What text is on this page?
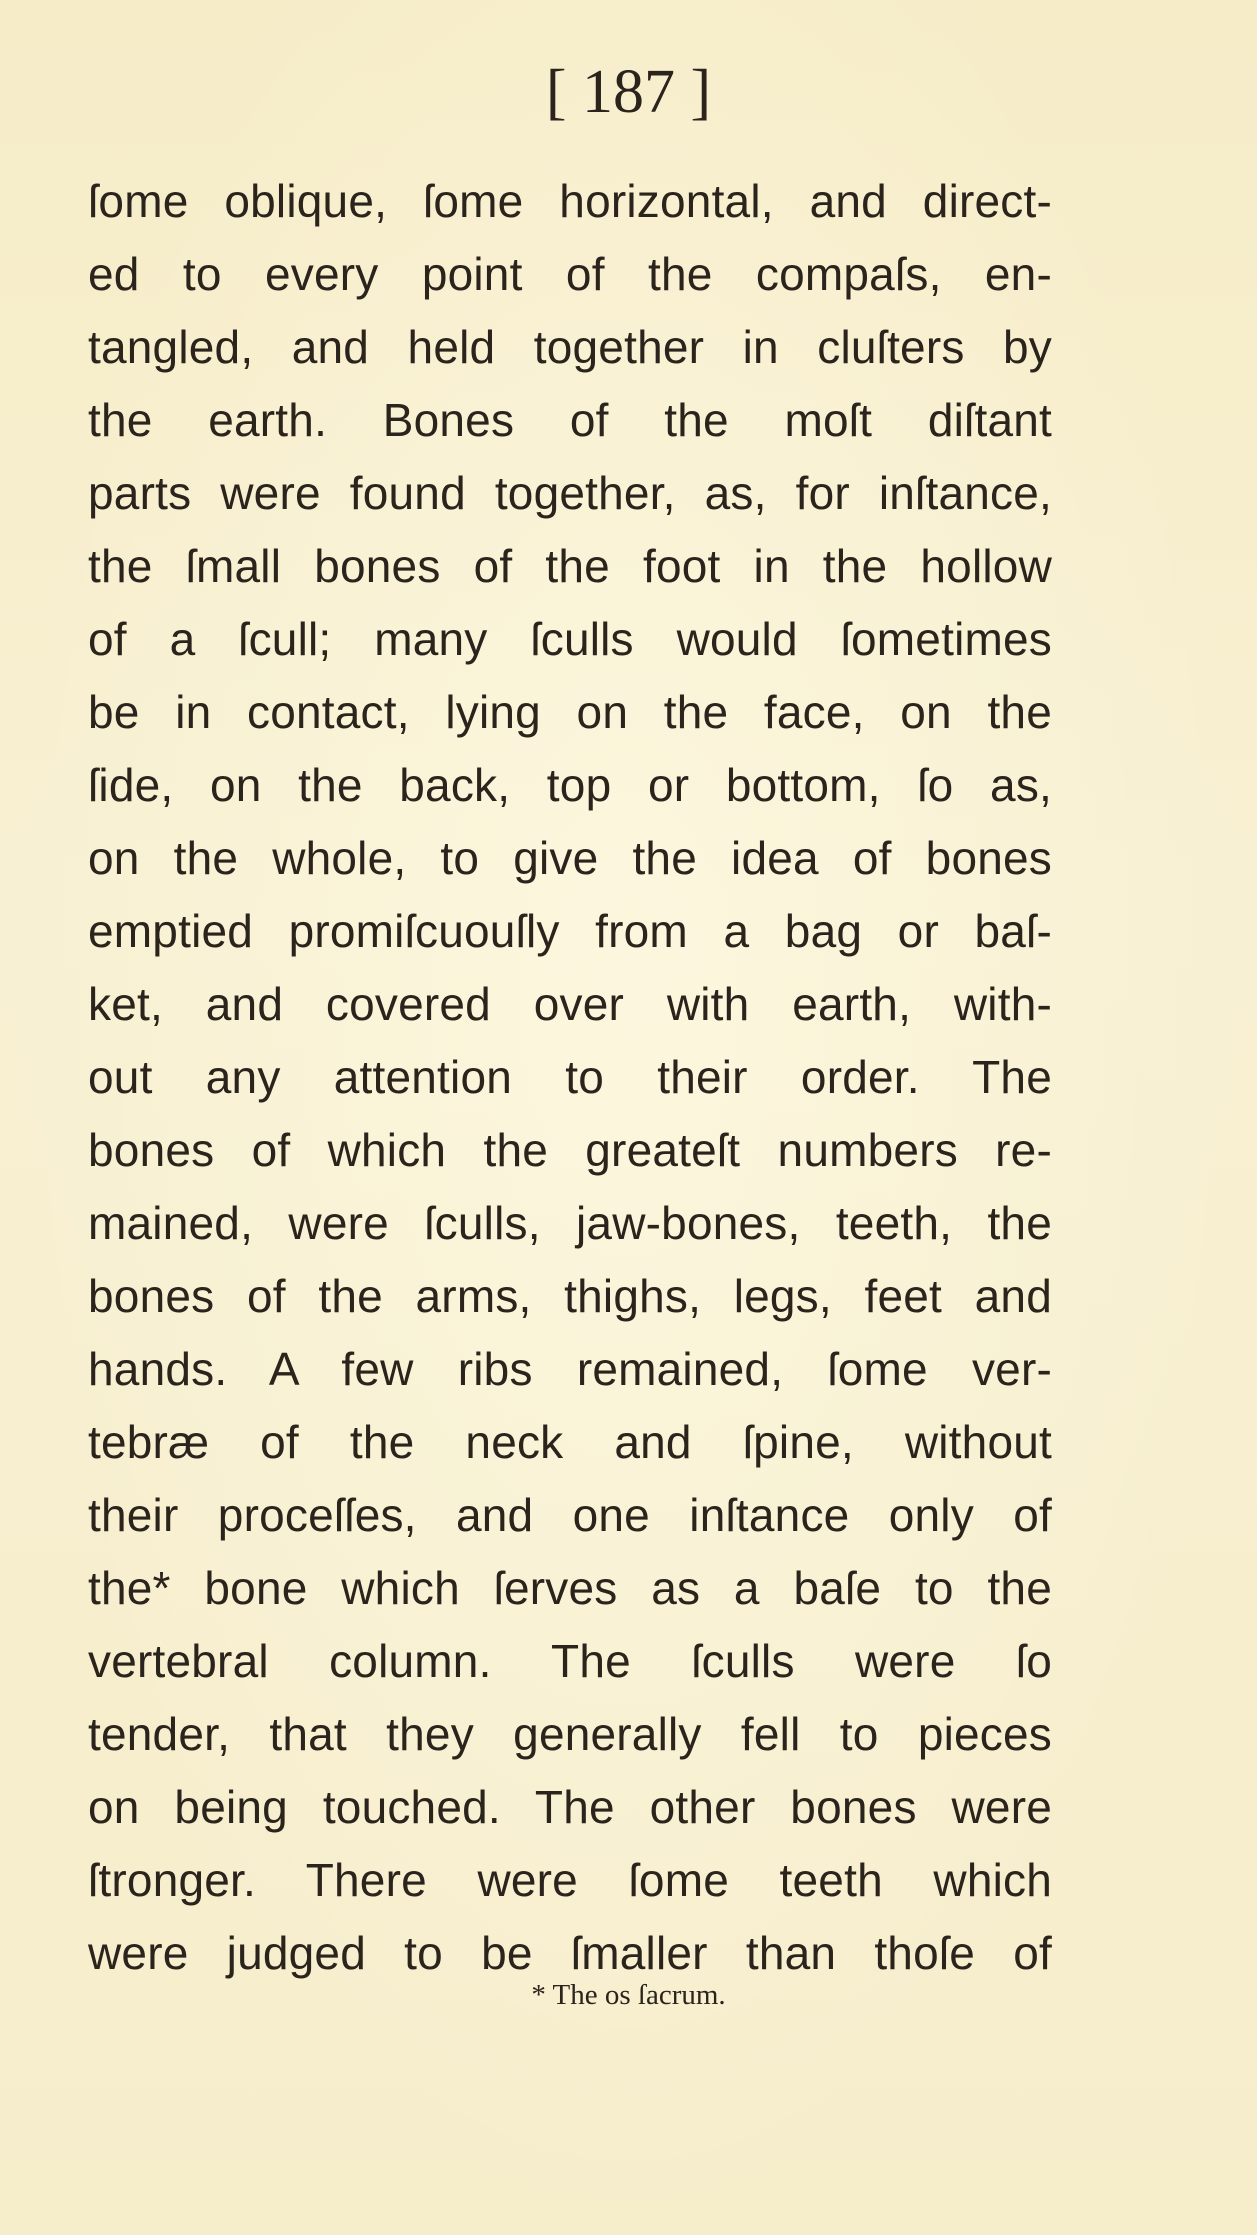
[ 187 ]
ſome oblique, ſome horizontal, and direct-
ed to every point of the compaſs, en-
tangled, and held together in cluſters by
the earth. Bones of the moſt diſtant
parts were found together, as, for inſtance,
the ſmall bones of the foot in the hollow
of a ſcull; many ſculls would ſometimes
be in contact, lying on the face, on the
ſide, on the back, top or bottom, ſo as,
on the whole, to give the idea of bones
emptied promiſcuouſly from a bag or baſ-
ket, and covered over with earth, with-
out any attention to their order. The
bones of which the greateſt numbers re-
mained, were ſculls, jaw-bones, teeth, the
bones of the arms, thighs, legs, feet and
hands. A few ribs remained, ſome ver-
tebræ of the neck and ſpine, without
their proceſſes, and one inſtance only of
the* bone which ſerves as a baſe to the
vertebral column. The ſculls were ſo
tender, that they generally fell to pieces
on being touched. The other bones were
ſtronger. There were ſome teeth which
were judged to be ſmaller than thoſe of
* The os ſacrum.
